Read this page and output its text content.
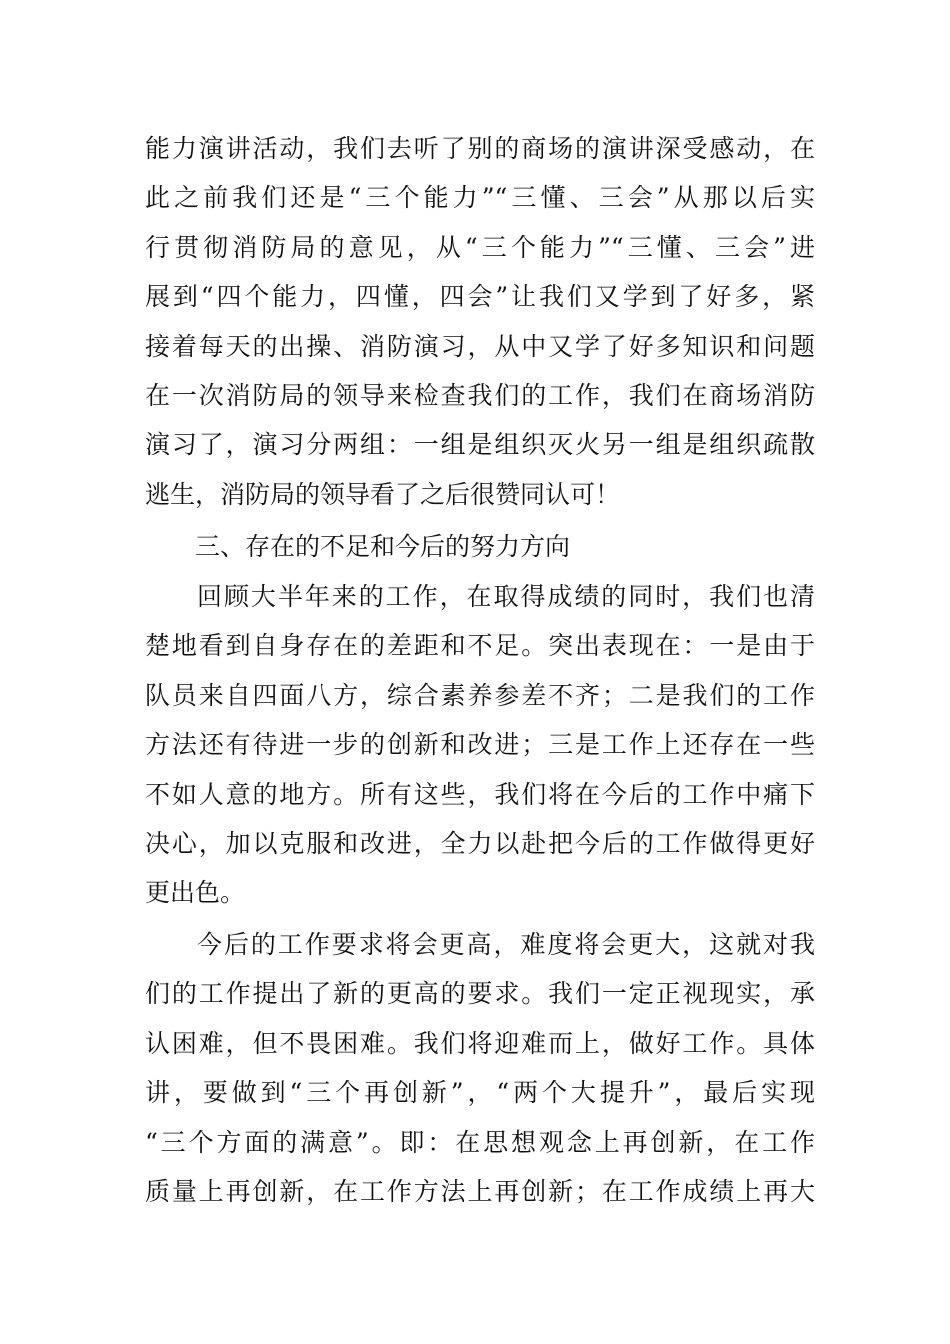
能力演讲活动，我们去听了别的商场的演讲深受感动，在
此之前我们还是“三个能力”“三懂、三会”从那以后实
行贯彻消防局的意见，从“三个能力”“三懂、三会”进
展到“四个能力，四懂，四会”让我们又学到了好多，紧
接着每天的出操、消防演习，从中又学了好多知识和问题
在一次消防局的领导来检查我们的工作，我们在商场消防
演习了，演习分两组：一组是组织灭火另一组是组织疏散
逃生，消防局的领导看了之后很赞同认可！
三、存在的不足和今后的努力方向
回顾大半年来的工作，在取得成绩的同时，我们也清
楚地看到自身存在的差距和不足。突出表现在：一是由于
队员来自四面八方，综合素养参差不齐；二是我们的工作
方法还有待进一步的创新和改进；三是工作上还存在一些
不如人意的地方。所有这些，我们将在今后的工作中痛下
决心，加以克服和改进，全力以赴把今后的工作做得更好
更出色。
今后的工作要求将会更高，难度将会更大，这就对我
们的工作提出了新的更高的要求。我们一定正视现实，承
认困难，但不畏困难。我们将迎难而上，做好工作。具体
讲，要做到“三个再创新”，“两个大提升”，最后实现
“三个方面的满意”。即：在思想观念上再创新，在工作
质量上再创新，在工作方法上再创新；在工作成绩上再大
